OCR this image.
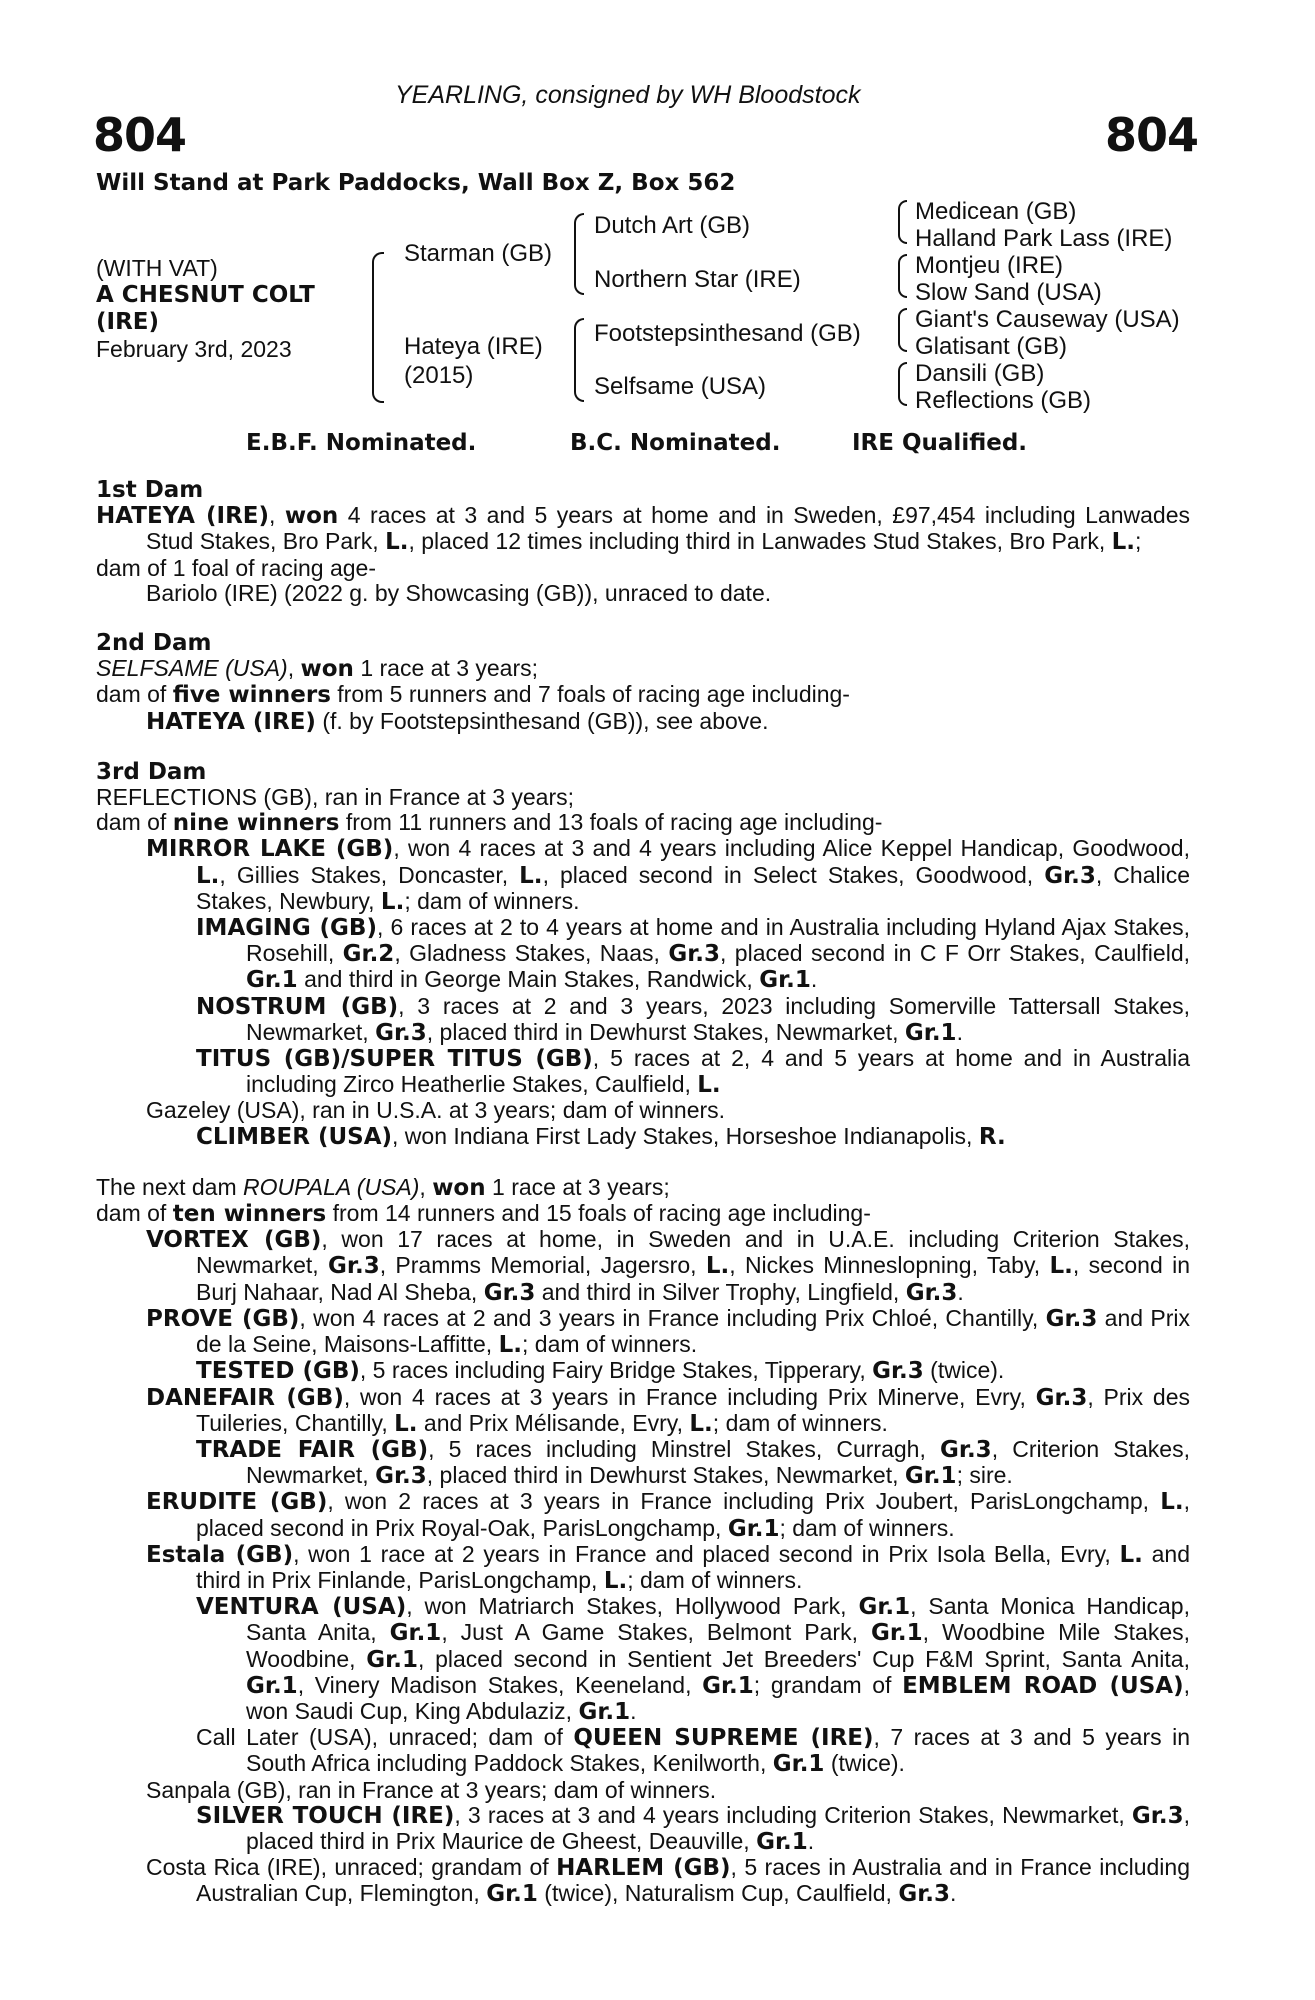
YEARLING, consigned by WH Bloodstock
804	804
Will Stand at Park Paddocks, Wall Box Z, Box 562
(WITH VAT)
A CHESNUT COLT
(IRE)
February 3rd, 2023
Starman (GB)
Hateya (IRE)
(2015)
Dutch Art (GB)
Northern Star (IRE)
Footstepsinthesand (GB)
Selfsame (USA)
Medicean (GB)
Halland Park Lass (IRE)
Montjeu (IRE)
Slow Sand (USA)
Giant's Causeway (USA)
Glatisant (GB)
Dansili (GB)
Reflections (GB)
E.B.F. Nominated.	B.C. Nominated.	IRE Qualified.
1st Dam

HATEYA (IRE), won 4 races at 3 and 5 years at home and in Sweden, £97,454 including Lanwades Stud Stakes, Bro Park, L., placed 12 times including third in Lanwades Stud Stakes, Bro Park, L.;

dam of 1 foal of racing age-

Bariolo (IRE) (2022 g. by Showcasing (GB)), unraced to date.

2nd Dam

SELFSAME (USA), won 1 race at 3 years;

dam of five winners from 5 runners and 7 foals of racing age including-

HATEYA (IRE) (f. by Footstepsinthesand (GB)), see above.

3rd Dam

REFLECTIONS (GB), ran in France at 3 years;

dam of nine winners from 11 runners and 13 foals of racing age including-

MIRROR LAKE (GB), won 4 races at 3 and 4 years including Alice Keppel Handicap, Goodwood, L., Gillies Stakes, Doncaster, L., placed second in Select Stakes, Goodwood, Gr.3, Chalice Stakes, Newbury, L.; dam of winners.

IMAGING (GB), 6 races at 2 to 4 years at home and in Australia including Hyland Ajax Stakes, Rosehill, Gr.2, Gladness Stakes, Naas, Gr.3, placed second in C F Orr Stakes, Caulfield, Gr.1 and third in George Main Stakes, Randwick, Gr.1.

NOSTRUM (GB), 3 races at 2 and 3 years, 2023 including Somerville Tattersall Stakes, Newmarket, Gr.3, placed third in Dewhurst Stakes, Newmarket, Gr.1.

TITUS (GB)/SUPER TITUS (GB), 5 races at 2, 4 and 5 years at home and in Australia including Zirco Heatherlie Stakes, Caulfield, L.

Gazeley (USA), ran in U.S.A. at 3 years; dam of winners.

CLIMBER (USA), won Indiana First Lady Stakes, Horseshoe Indianapolis, R.

The next dam ROUPALA (USA), won 1 race at 3 years;

dam of ten winners from 14 runners and 15 foals of racing age including-

VORTEX (GB), won 17 races at home, in Sweden and in U.A.E. including Criterion Stakes, Newmarket, Gr.3, Pramms Memorial, Jagersro, L., Nickes Minneslopning, Taby, L., second in Burj Nahaar, Nad Al Sheba, Gr.3 and third in Silver Trophy, Lingfield, Gr.3.

PROVE (GB), won 4 races at 2 and 3 years in France including Prix Chloé, Chantilly, Gr.3 and Prix de la Seine, Maisons-Laffitte, L.; dam of winners.

TESTED (GB), 5 races including Fairy Bridge Stakes, Tipperary, Gr.3 (twice).

DANEFAIR (GB), won 4 races at 3 years in France including Prix Minerve, Evry, Gr.3, Prix des Tuileries, Chantilly, L. and Prix Mélisande, Evry, L.; dam of winners.

TRADE FAIR (GB), 5 races including Minstrel Stakes, Curragh, Gr.3, Criterion Stakes, Newmarket, Gr.3, placed third in Dewhurst Stakes, Newmarket, Gr.1; sire.

ERUDITE (GB), won 2 races at 3 years in France including Prix Joubert, ParisLongchamp, L., placed second in Prix Royal-Oak, ParisLongchamp, Gr.1; dam of winners.

Estala (GB), won 1 race at 2 years in France and placed second in Prix Isola Bella, Evry, L. and third in Prix Finlande, ParisLongchamp, L.; dam of winners.

VENTURA (USA), won Matriarch Stakes, Hollywood Park, Gr.1, Santa Monica Handicap, Santa Anita, Gr.1, Just A Game Stakes, Belmont Park, Gr.1, Woodbine Mile Stakes, Woodbine, Gr.1, placed second in Sentient Jet Breeders' Cup F&M Sprint, Santa Anita, Gr.1, Vinery Madison Stakes, Keeneland, Gr.1; grandam of EMBLEM ROAD (USA), won Saudi Cup, King Abdulaziz, Gr.1.

Call Later (USA), unraced; dam of QUEEN SUPREME (IRE), 7 races at 3 and 5 years in South Africa including Paddock Stakes, Kenilworth, Gr.1 (twice).

Sanpala (GB), ran in France at 3 years; dam of winners.

SILVER TOUCH (IRE), 3 races at 3 and 4 years including Criterion Stakes, Newmarket, Gr.3, placed third in Prix Maurice de Gheest, Deauville, Gr.1.

Costa Rica (IRE), unraced; grandam of HARLEM (GB), 5 races in Australia and in France including Australian Cup, Flemington, Gr.1 (twice), Naturalism Cup, Caulfield, Gr.3.
